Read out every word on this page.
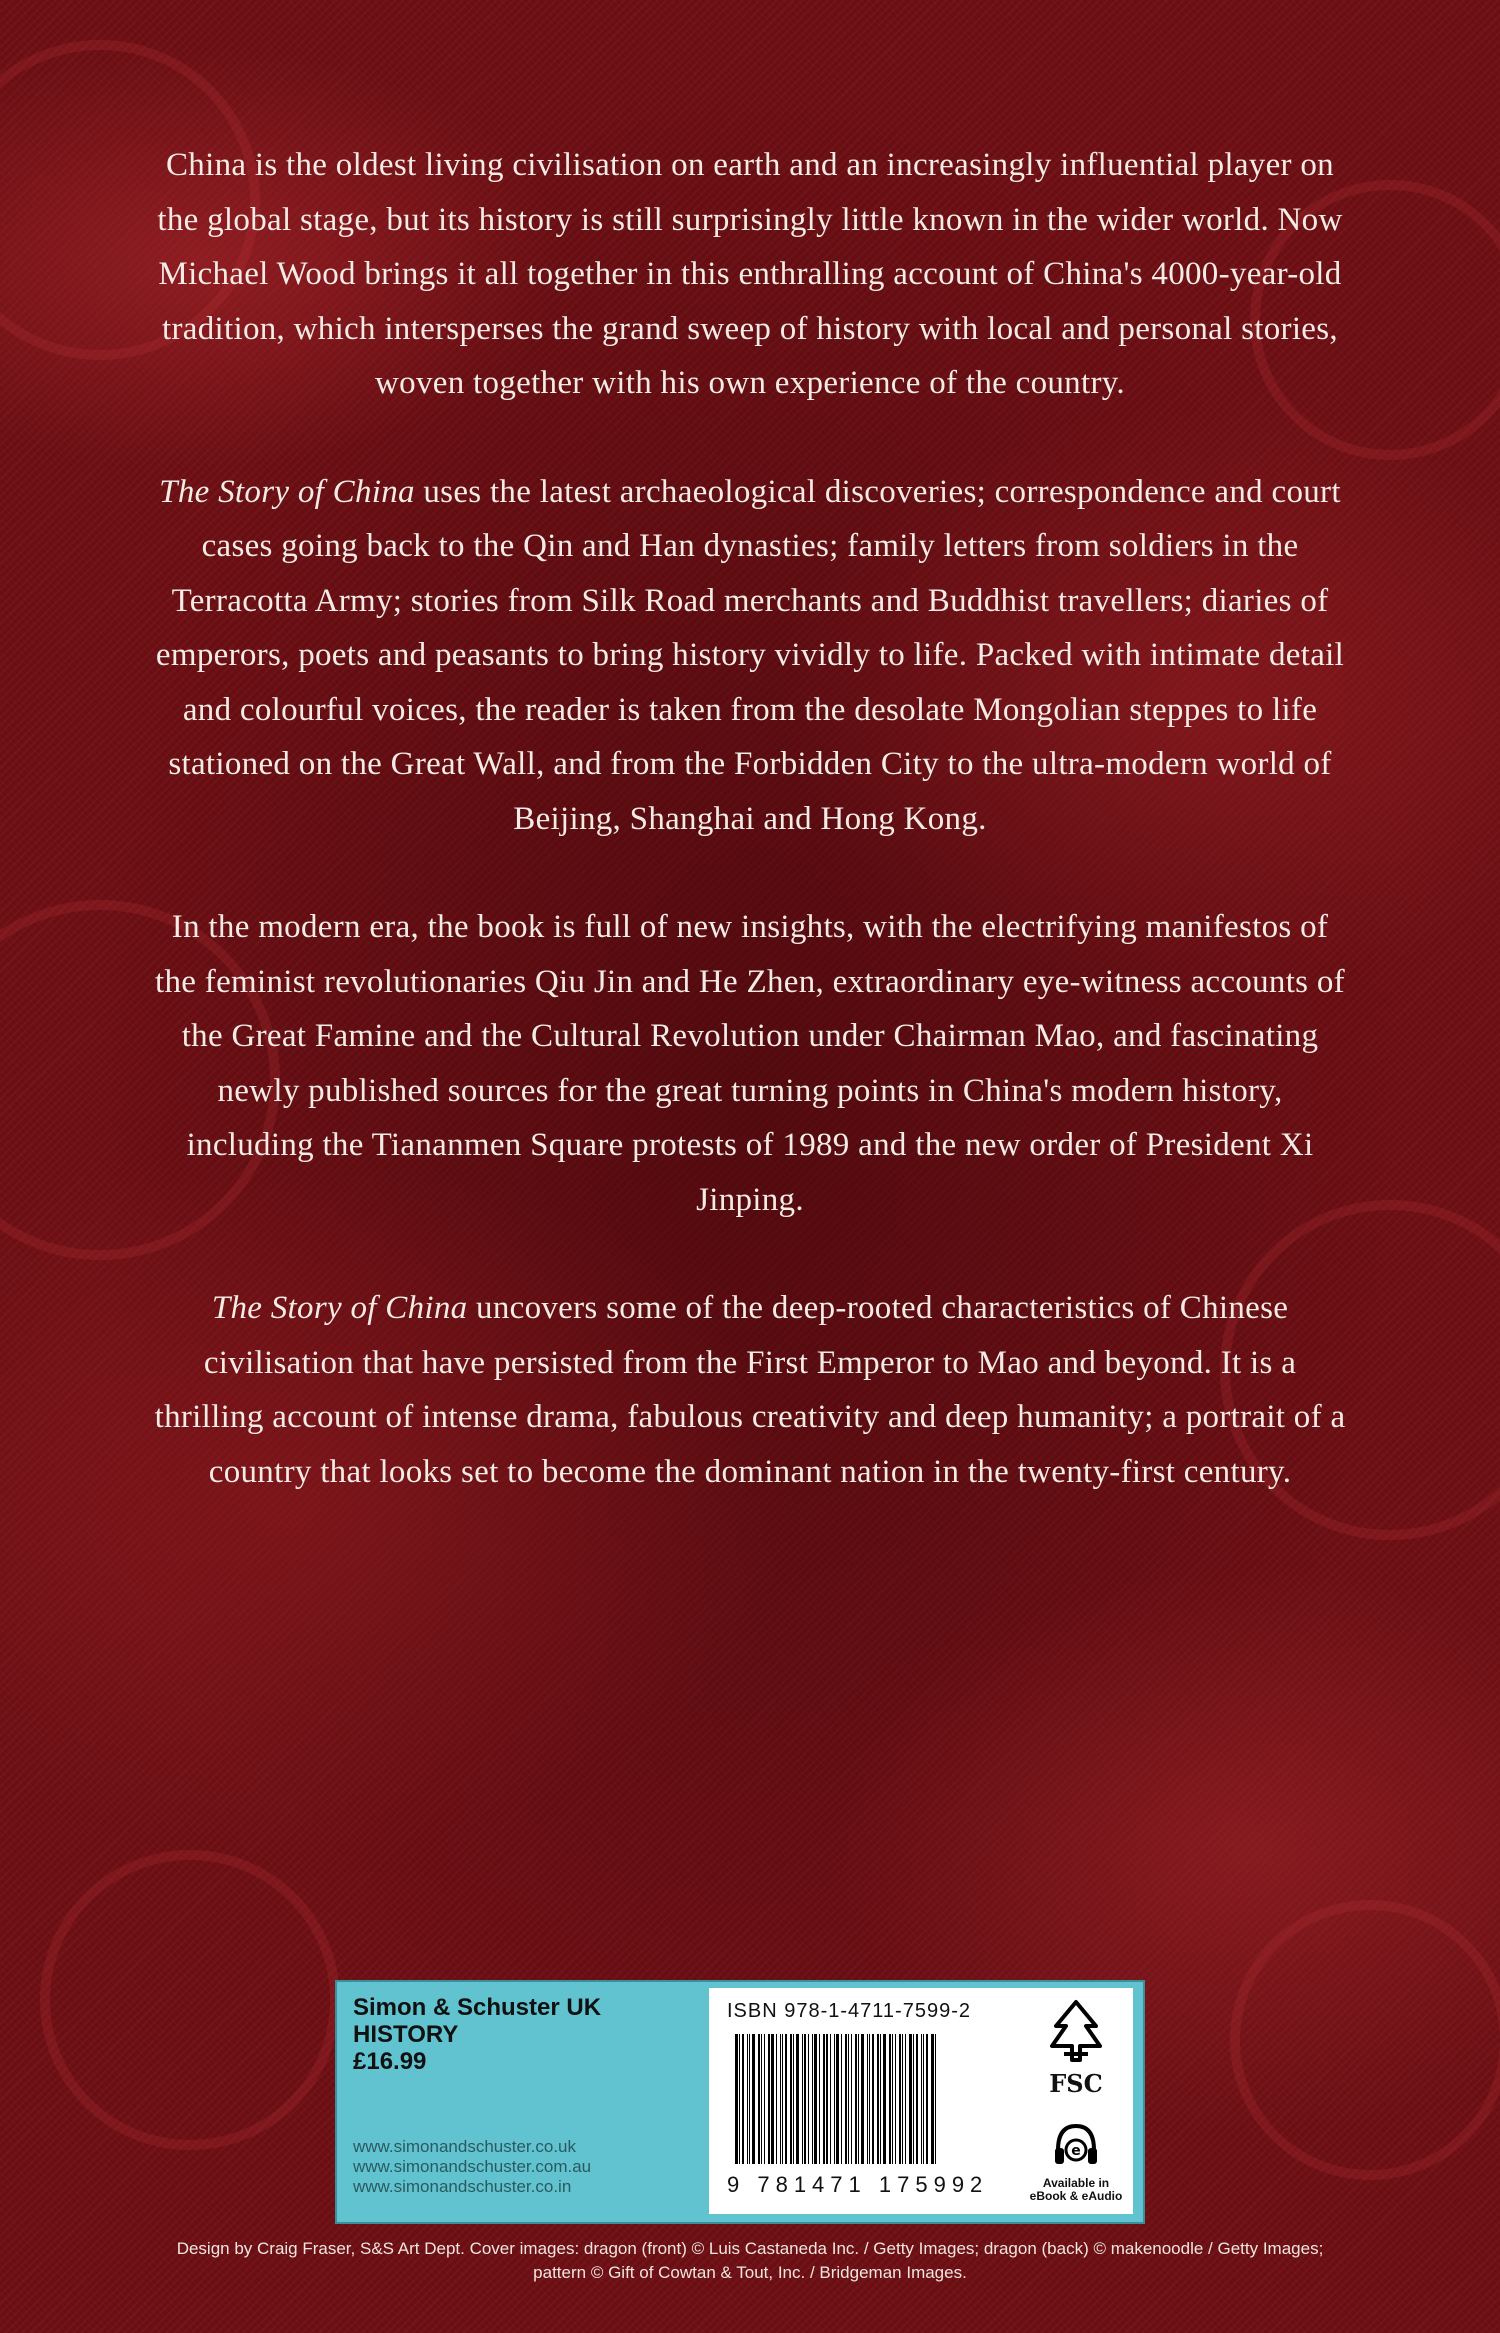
China is the oldest living civilisation on earth and an increasingly influential player on the global stage, but its history is still surprisingly little known in the wider world. Now Michael Wood brings it all together in this enthralling account of China's 4000-year-old tradition, which intersperses the grand sweep of history with local and personal stories, woven together with his own experience of the country.

The Story of China uses the latest archaeological discoveries; correspondence and court cases going back to the Qin and Han dynasties; family letters from soldiers in the Terracotta Army; stories from Silk Road merchants and Buddhist travellers; diaries of emperors, poets and peasants to bring history vividly to life. Packed with intimate detail and colourful voices, the reader is taken from the desolate Mongolian steppes to life stationed on the Great Wall, and from the Forbidden City to the ultra-modern world of Beijing, Shanghai and Hong Kong.

In the modern era, the book is full of new insights, with the electrifying manifestos of the feminist revolutionaries Qiu Jin and He Zhen, extraordinary eye-witness accounts of the Great Famine and the Cultural Revolution under Chairman Mao, and fascinating newly published sources for the great turning points in China's modern history, including the Tiananmen Square protests of 1989 and the new order of President Xi Jinping.

The Story of China uncovers some of the deep-rooted characteristics of Chinese civilisation that have persisted from the First Emperor to Mao and beyond. It is a thrilling account of intense drama, fabulous creativity and deep humanity; a portrait of a country that looks set to become the dominant nation in the twenty-first century.

Simon & Schuster UK
HISTORY
£16.99
www.simonandschuster.co.uk
www.simonandschuster.com.au
www.simonandschuster.co.in
ISBN 978-1-4711-7599-2
9 781471 175992
FSC
e
Available in eBook & eAudio
Design by Craig Fraser, S&S Art Dept. Cover images: dragon (front) © Luis Castaneda Inc. / Getty Images; dragon (back) © makenoodle / Getty Images; pattern © Gift of Cowtan & Tout, Inc. / Bridgeman Images.
